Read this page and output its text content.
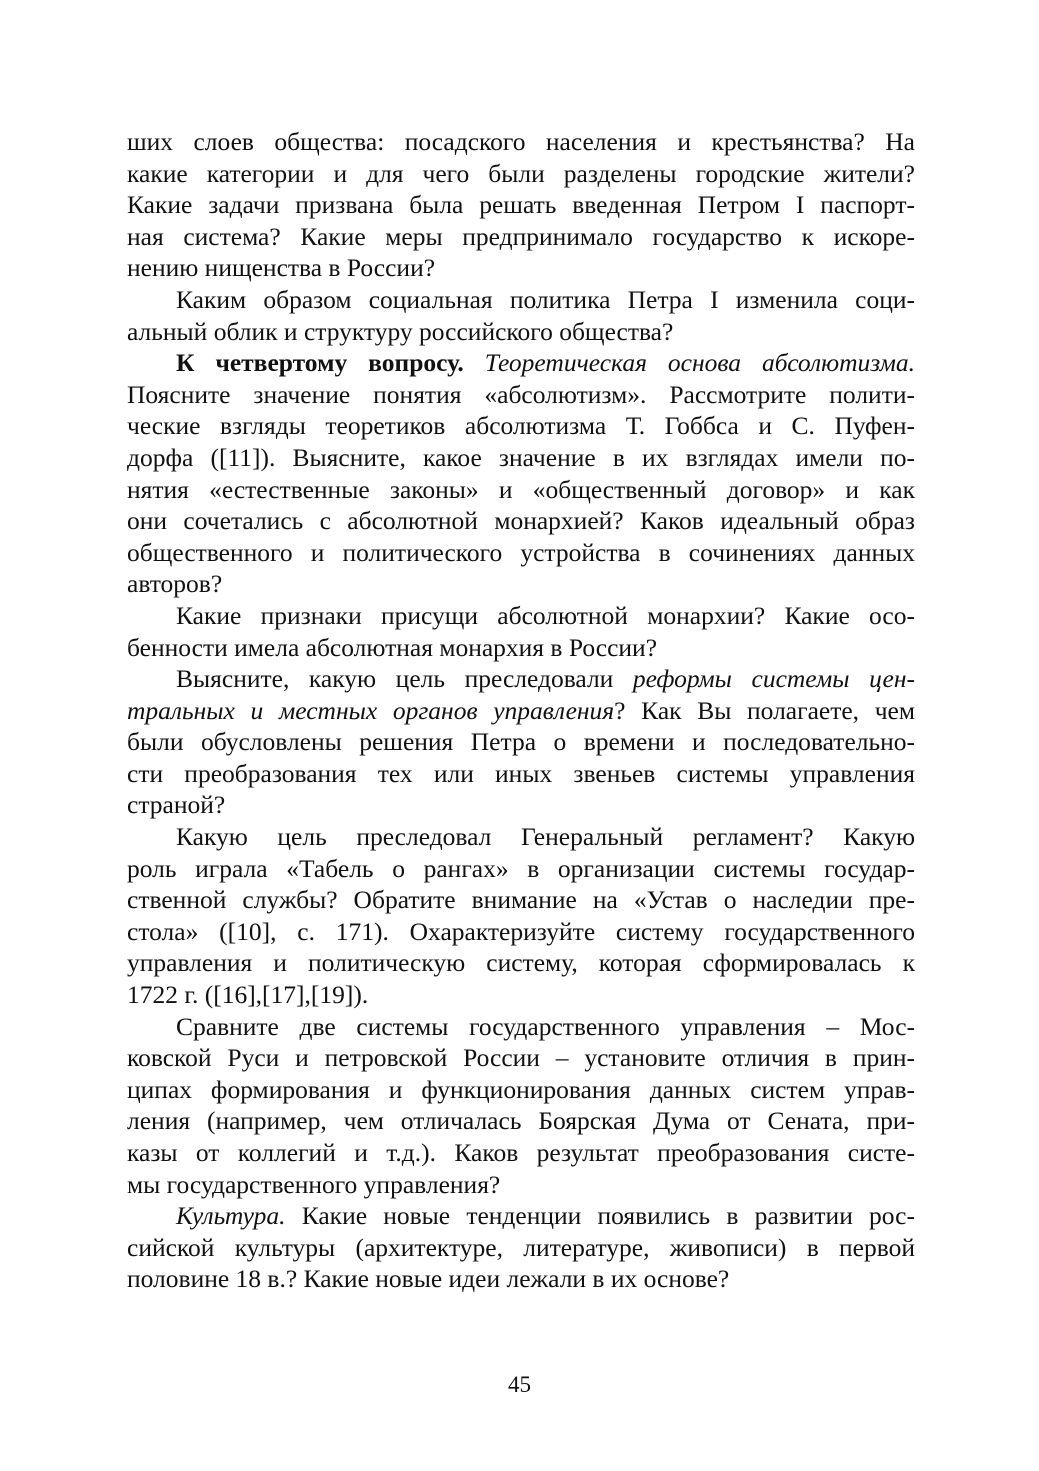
ших слоев общества: посадского населения и крестьянства? На
какие категории и для чего были разделены городские жители?
Какие задачи призвана была решать введенная Петром I паспорт-
ная система? Какие меры предпринимало государство к искоре-
нению нищенства в России?
Каким образом социальная политика Петра I изменила соци-
альный облик и структуру российского общества?
К четвертому вопросу. Теоретическая основа абсолютизма.
Поясните значение понятия «абсолютизм». Рассмотрите полити-
ческие взгляды теоретиков абсолютизма Т. Гоббса и С. Пуфен-
дорфа ([11]). Выясните, какое значение в их взглядах имели по-
нятия «естественные законы» и «общественный договор» и как
они сочетались с абсолютной монархией? Каков идеальный образ
общественного и политического устройства в сочинениях данных
авторов?
Какие признаки присущи абсолютной монархии? Какие осо-
бенности имела абсолютная монархия в России?
Выясните, какую цель преследовали реформы системы цен-
тральных и местных органов управления? Как Вы полагаете, чем
были обусловлены решения Петра о времени и последовательно-
сти преобразования тех или иных звеньев системы управления
страной?
Какую цель преследовал Генеральный регламент? Какую
роль играла «Табель о рангах» в организации системы государ-
ственной службы? Обратите внимание на «Устав о наследии пре-
стола» ([10], с. 171). Охарактеризуйте систему государственного
управления и политическую систему, которая сформировалась к
1722 г. ([16],[17],[19]).
Сравните две системы государственного управления – Мос-
ковской Руси и петровской России – установите отличия в прин-
ципах формирования и функционирования данных систем управ-
ления (например, чем отличалась Боярская Дума от Сената, при-
казы от коллегий и т.д.). Каков результат преобразования систе-
мы государственного управления?
Культура. Какие новые тенденции появились в развитии рос-
сийской культуры (архитектуре, литературе, живописи) в первой
половине 18 в.? Какие новые идеи лежали в их основе?
45
